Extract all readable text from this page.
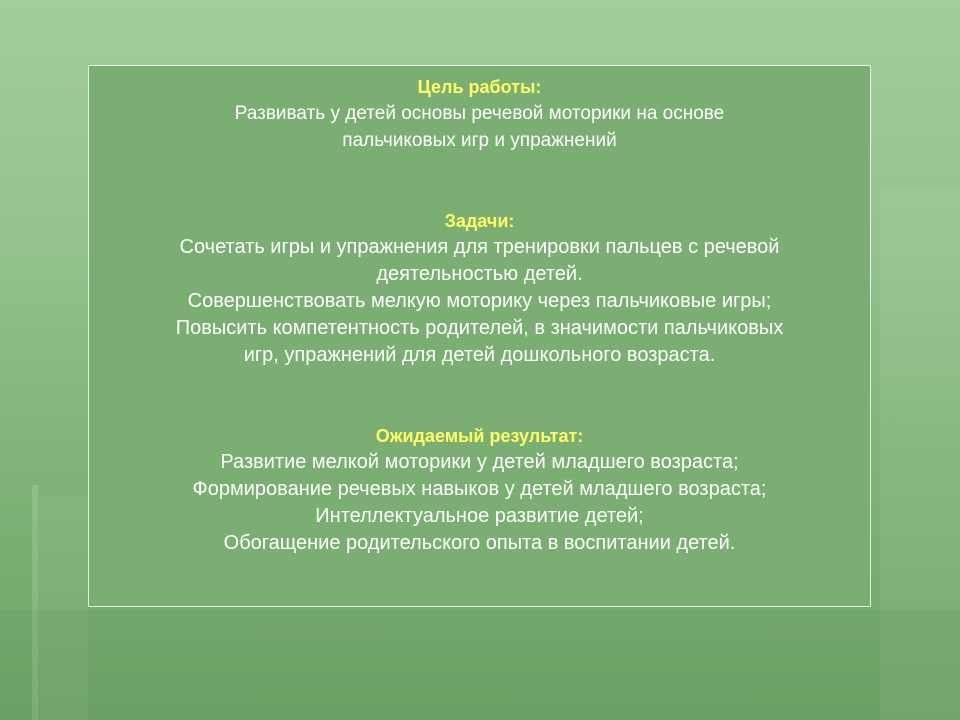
Цель работы:

Развивать у детей основы речевой моторики на основе

пальчиковых игр и упражнений

Задачи:

Сочетать игры и упражнения для тренировки пальцев с речевой

деятельностью детей.

Совершенствовать мелкую моторику через пальчиковые игры;

Повысить компетентность родителей, в значимости пальчиковых

игр, упражнений для детей дошкольного возраста.

Ожидаемый результат:

Развитие мелкой моторики у детей младшего возраста;

Формирование речевых навыков у детей младшего возраста;

Интеллектуальное развитие детей;

Обогащение родительского опыта в воспитании детей.
